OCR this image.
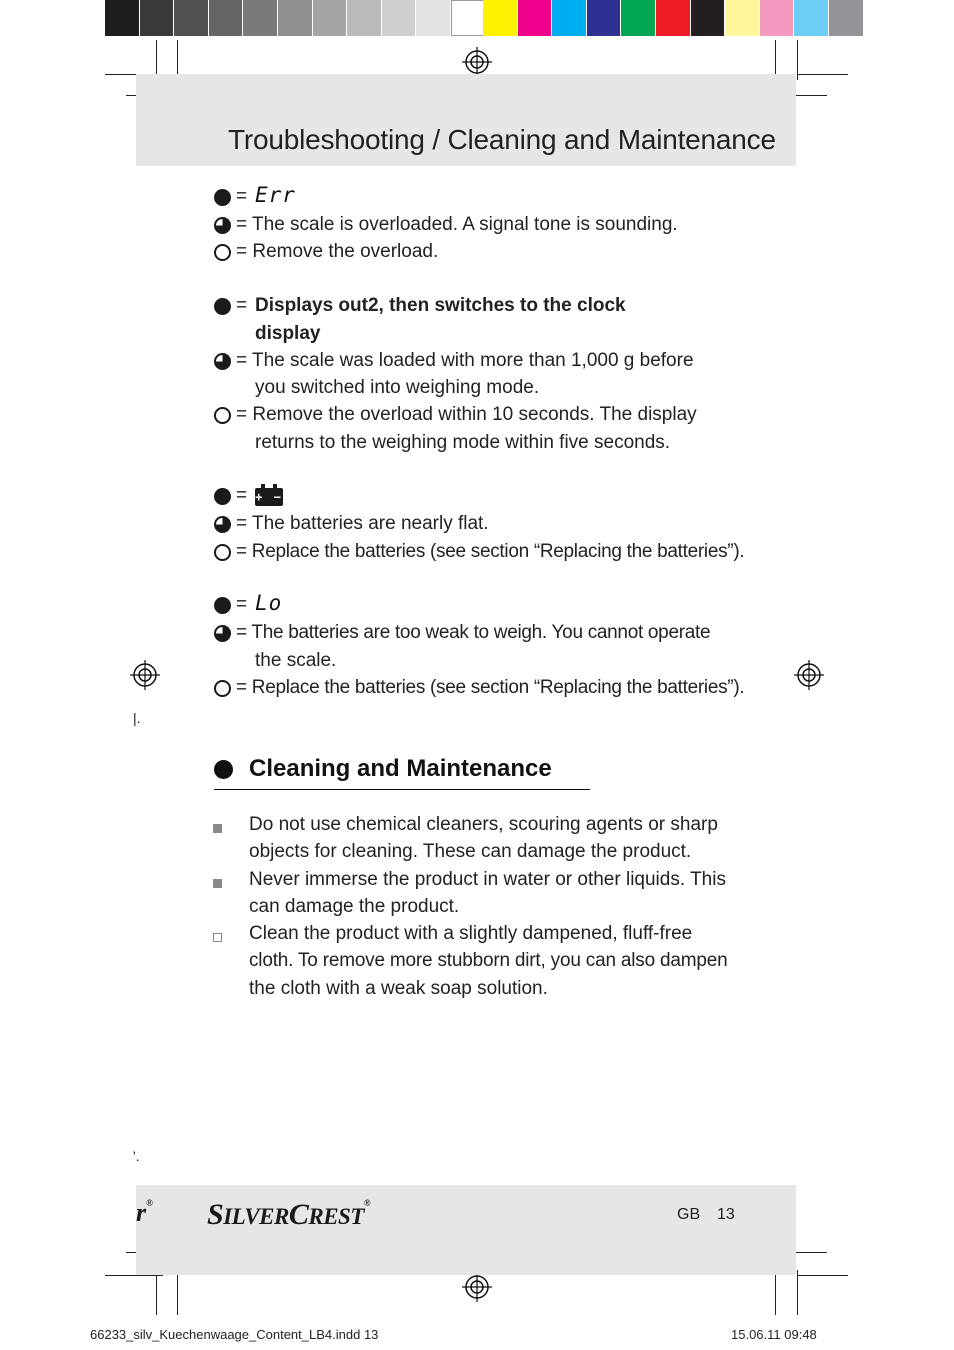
Troubleshooting / Cleaning and Maintenance
= Err
= The scale is overloaded. A signal tone is sounding.
= Remove the overload.
= Displays out2, then switches to the clock
display
= The scale was loaded with more than 1,000 g before
you switched into weighing mode.
= Remove the overload within 10 seconds. The display
returns to the weighing mode within five seconds.
= + −
= The batteries are nearly flat.
= Replace the batteries (see section “Replacing the batteries”).
= Lo
= The batteries are too weak to weigh. You cannot operate
the scale.
= Replace the batteries (see section “Replacing the batteries”).
|.
Cleaning and Maintenance
Do not use chemical cleaners, scouring agents or sharp
objects for cleaning. These can damage the product.
Never immerse the product in water or other liquids. This
can damage the product.
Clean the product with a slightly dampened, fluff-free
cloth. To remove more stubborn dirt, you can also dampen
the cloth with a weak soap solution.
'.
r® SILVERCREST®
GB 13
66233_silv_Kuechenwaage_Content_LB4.indd 13	15.06.11 09:48
